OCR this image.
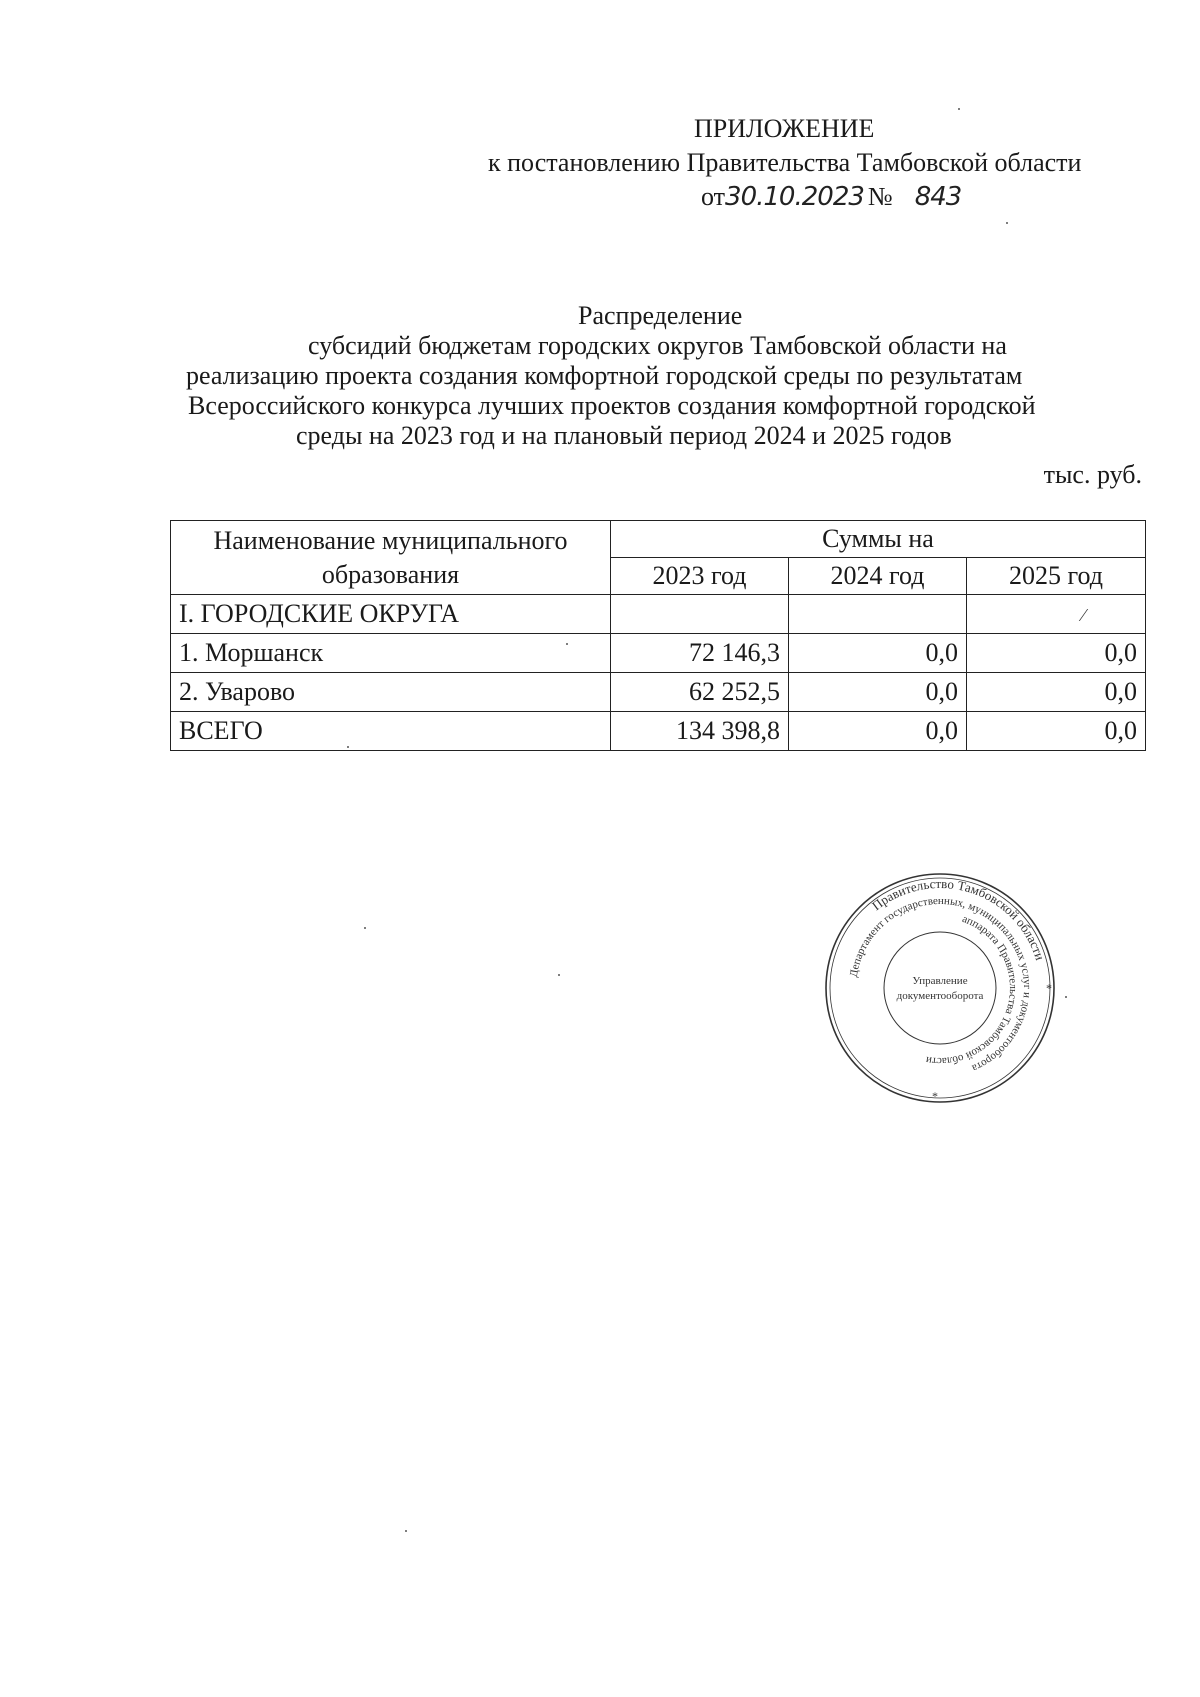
ПРИЛОЖЕНИЕ
к постановлению Правительства Тамбовской области
от30.10.2023 № 843
Распределение
субсидий бюджетам городских округов Тамбовской области на
реализацию проекта создания комфортной городской среды по результатам
Всероссийского конкурса лучших проектов создания комфортной городской
среды на 2023 год и на плановый период 2024 и 2025 годов
тыс. руб.
Наименование муниципального образования	Суммы на		
	2023 год	2024 год	2025 год
I. ГОРОДСКИЕ ОКРУГА			⁄
1. Моршанск	72 146,3	0,0	0,0
2. Уварово	62 252,5	0,0	0,0
ВСЕГО	134 398,8	0,0	0,0
Правительство Тамбовской области
Департамент государственных, муниципальных услуг и документооборота
аппарата Правительства Тамбовской области
Управление
документооборота
*
*
